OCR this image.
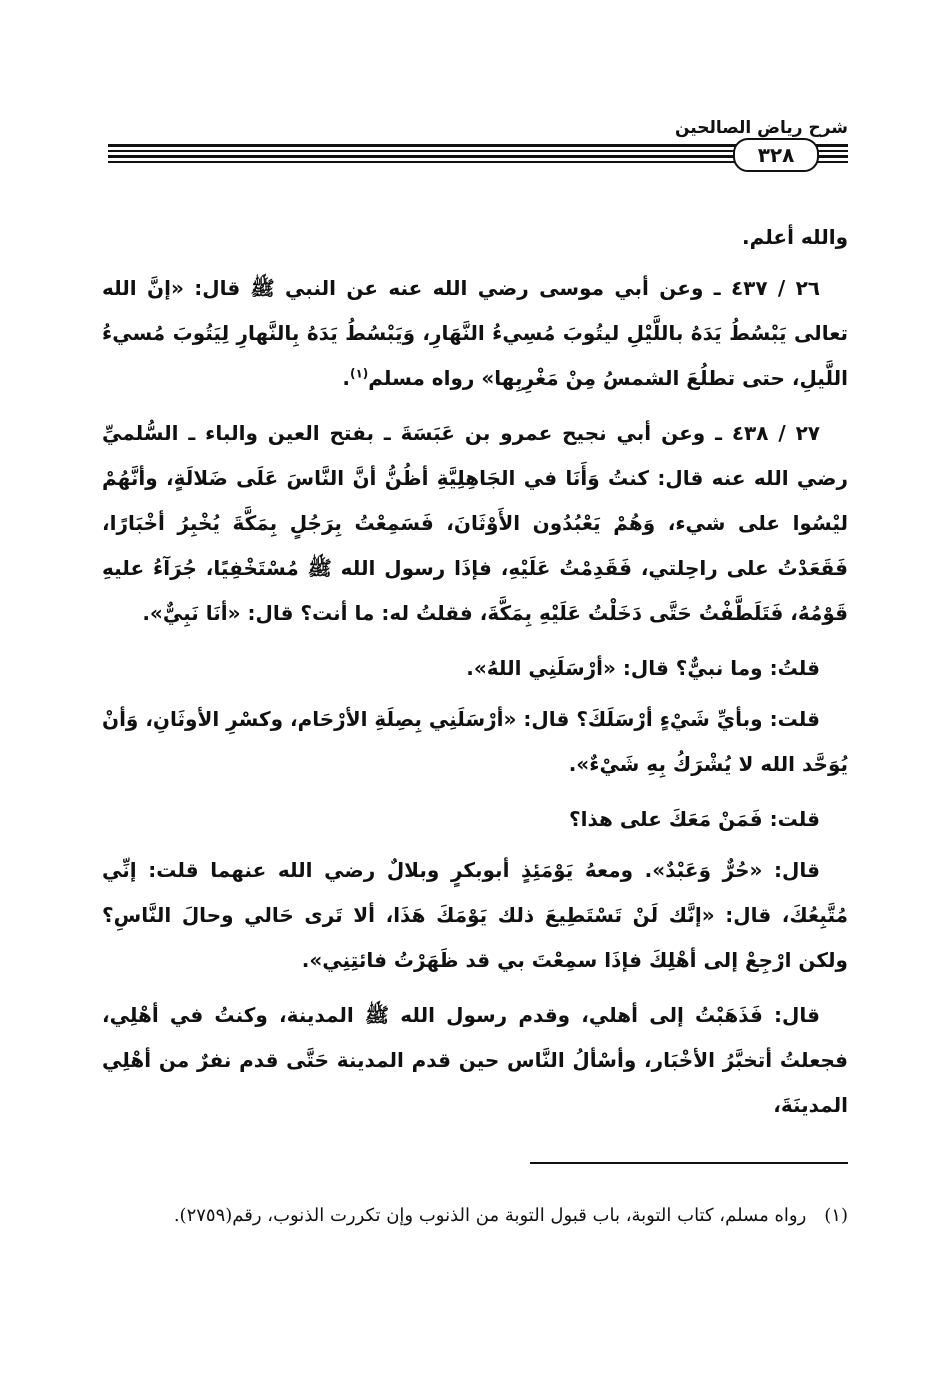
شرح رياض الصالحين
٣٢٨

والله أعلم.

٢٦ / ٤٣٧ ـ وعن أبي موسى رضي الله عنه عن النبي ﷺ قال: «إنَّ الله تعالى يَبْسُطُ يَدَهُ باللَّيْلِ ليتُوبَ مُسِيءُ النَّهَارِ، وَيَبْسُطُ يَدَهُ بِالنَّهارِ لِيَتُوبَ مُسيءُ اللَّيلِ، حتى تطلُعَ الشمسُ مِنْ مَغْرِبِها» رواه مسلم$^{(١)}$.

٢٧ / ٤٣٨ ـ وعن أبي نجيح عمرو بن عَبَسَةَ ـ بفتح العين والباء ـ السُّلميِّ رضي الله عنه قال: كنتُ وَأَنَا في الجَاهِلِيَّةِ أظُنُّ أنَّ النَّاسَ عَلَى ضَلالَةٍ، وأنَّهُمْ ليْسُوا على شيء، وَهُمْ يَعْبُدُون الأَوْثَانَ، فَسَمِعْتُ بِرَجُلٍ بِمَكَّةَ يُخْبِرُ أخْبَارًا، فَقَعَدْتُ على راحِلتي، فَقَدِمْتُ عَلَيْهِ، فإذَا رسول الله ﷺ مُسْتَخْفِيًا، جُرَآءُ عليهِ قَوْمُهُ، فَتَلَطَّفْتُ حَتَّى دَخَلْتُ عَلَيْهِ بِمَكَّةَ، فقلتُ له: ما أنت؟ قال: «أنَا نَبِيٌّ».

قلتُ: وما نبيٌّ؟ قال: «أرْسَلَنِي اللهُ».

قلت: وبأيِّ شَيْءٍ أرْسَلَكَ؟ قال: «أرْسَلَنِي بِصِلَةِ الأرْحَام، وكسْرِ الأوثَانِ، وَأنْ يُوَحَّد الله لا يُشْرَكُ بِهِ شَيْءٌ».

قلت: فَمَنْ مَعَكَ على هذا؟

قال: «حُرٌّ وَعَبْدٌ». ومعهُ يَوْمَئِذٍ أبوبكرٍ وبلالٌ رضي الله عنهما قلت: إنِّي مُتَّبِعُكَ، قال: «إنَّك لَنْ تَسْتَطِيعَ ذلك يَوْمَكَ هَذَا، ألا تَرى حَالي وحالَ النَّاسِ؟ ولكن ارْجِعْ إلى أهْلِكَ فإذَا سمِعْتَ بي قد ظَهَرْتُ فائتِنِي».

قال: فَذَهَبْتُ إلى أهلي، وقدم رسول الله ﷺ المدينة، وكنتُ في أهْلِي، فجعلتُ أتخبَّرُ الأخْبَار، وأسْألُ النَّاس حين قدم المدينة حَتَّى قدم نفرٌ من أهْلِي المدينَةَ،

(١)رواه مسلم، كتاب التوبة، باب قبول التوبة من الذنوب وإن تكررت الذنوب، رقم(٢٧٥٩).
